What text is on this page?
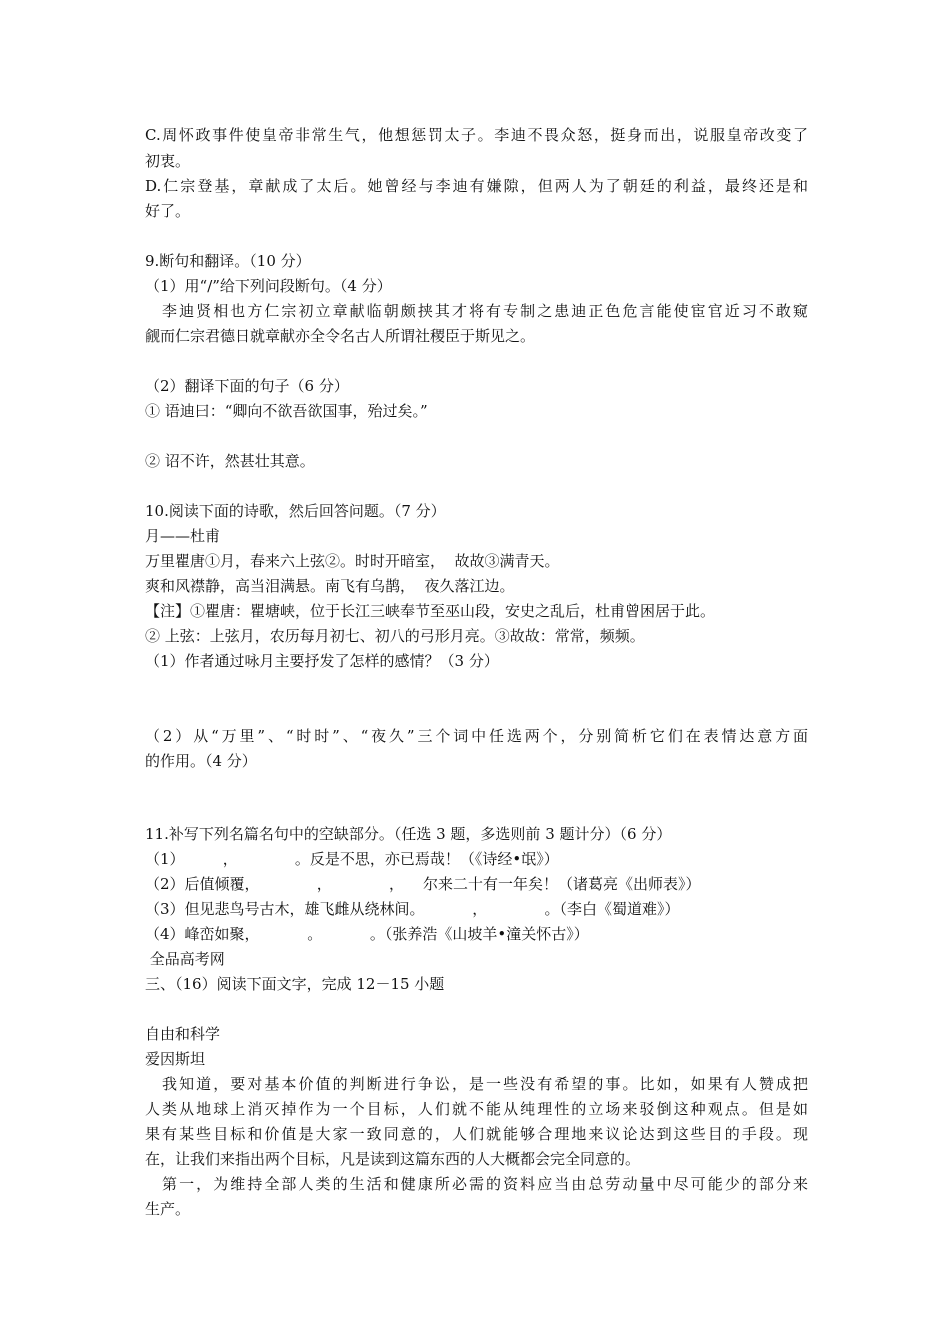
C.周怀政事件使皇帝非常生气，他想惩罚太子。李迪不畏众怒，挺身而出，说服皇帝改变了
初衷。
D.仁宗登基，章献成了太后。她曾经与李迪有嫌隙，但两人为了朝廷的利益，最终还是和
好了。
9.断句和翻译。（10 分）
（1）用“/”给下列问段断句。（4 分）
　李迪贤相也方仁宗初立章献临朝颇挟其才将有专制之患迪正色危言能使宦官近习不敢窥
觎而仁宗君德日就章献亦全令名古人所谓社稷臣于斯见之。
（2）翻译下面的句子（6 分）
① 语迪曰：“卿向不欲吾欲国事，殆过矣。”
② 诏不许，然甚壮其意。
10.阅读下面的诗歌，然后回答问题。（7 分）
月——杜甫
万里瞿唐①月，春来六上弦②。时时开暗室，  故故③满青天。
爽和风襟静，高当泪满悬。南飞有乌鹊，  夜久落江边。
【注】①瞿唐：瞿塘峡，位于长江三峡奉节至巫山段，安史之乱后，杜甫曾困居于此。
② 上弦：上弦月，农历每月初七、初八的弓形月亮。③故故：常常，频频。
（1）作者通过咏月主要抒发了怎样的感情？（3 分）
（2）从“万里”、“时时”、“夜久”三个词中任选两个，分别简析它们在表情达意方面
的作用。（4 分）
11.补写下列名篇名句中的空缺部分。（任选 3 题，多选则前 3 题计分）（6 分）
（1）        ，            。反是不思，亦已焉哉！（《诗经•氓》）
（2）后值倾覆，            ，            ，    尔来二十有一年矣！（诸葛亮《出师表》）
（3）但见悲鸟号古木，雄飞雌从绕林间。          ，            。（李白《蜀道难》）
（4）峰峦如聚，          。          。（张养浩《山坡羊•潼关怀古》）
全品高考网
三、（16）阅读下面文字，完成 12－15 小题
自由和科学
爱因斯坦
　我知道，要对基本价值的判断进行争讼，是一些没有希望的事。比如，如果有人赞成把
人类从地球上消灭掉作为一个目标，人们就不能从纯理性的立场来驳倒这种观点。但是如
果有某些目标和价值是大家一致同意的，人们就能够合理地来议论达到这些目的手段。现
在，让我们来指出两个目标，凡是读到这篇东西的人大概都会完全同意的。
　第一，为维持全部人类的生活和健康所必需的资料应当由总劳动量中尽可能少的部分来
生产。
